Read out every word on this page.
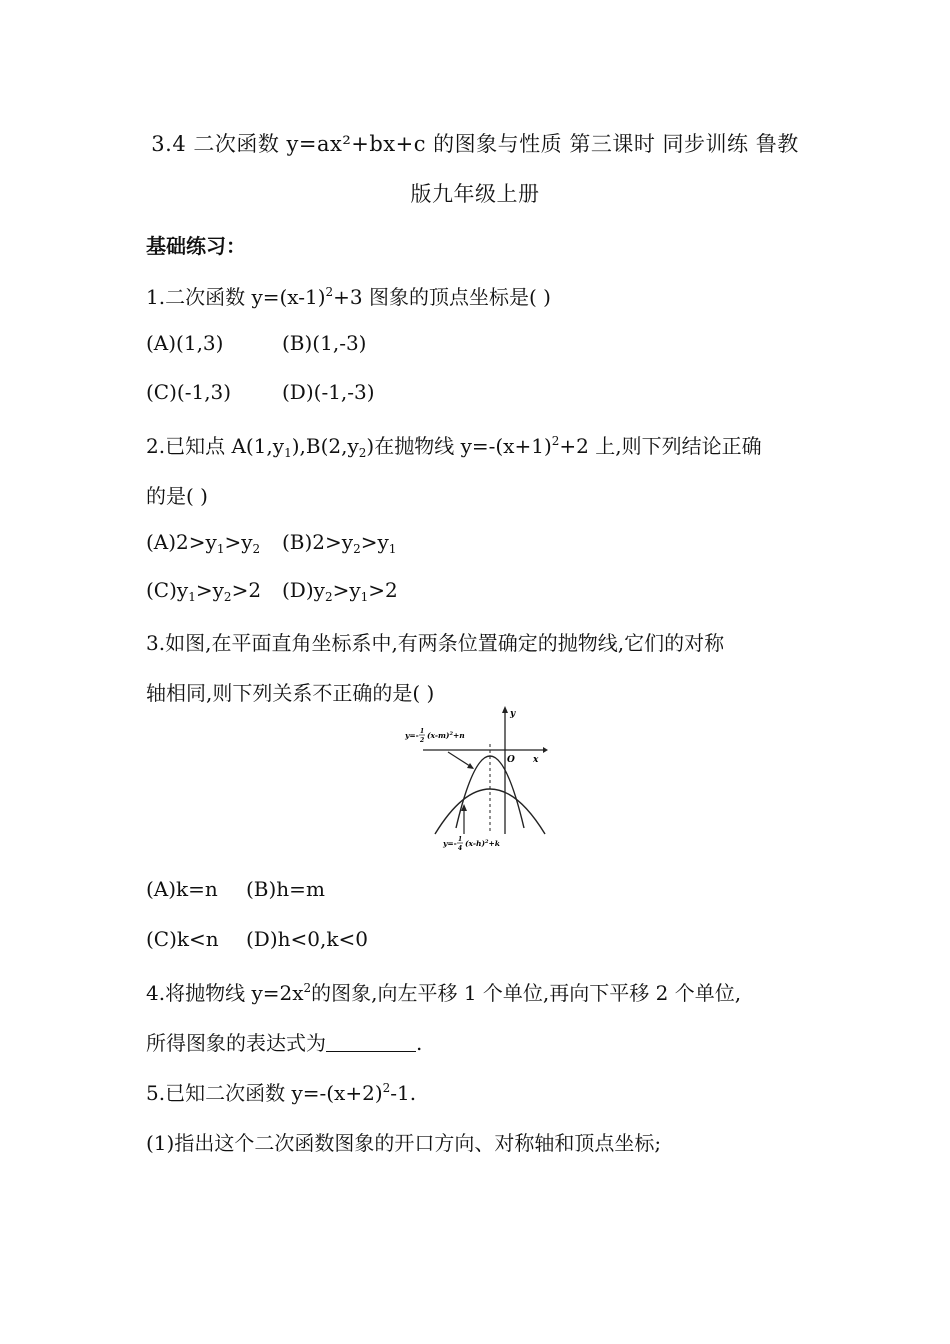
3.4 二次函数 y=ax²+bx+c 的图象与性质 第三课时 同步训练 鲁教
版九年级上册
基础练习：
1.二次函数 $y=(x-1)^2+3$ 图象的顶点坐标是( )
(A)(1,3)	(B)(1,-3)
(C)(-1,3)	(D)(-1,-3)
2.已知点 $A(1,y_1),B(2,y_2)$在抛物线 $y=-(x+1)^2+2$ 上,则下列结论正确
的是( )
$(A)2>y_1>y_2$ $(B)2>y_2>y_1$
$(C)y_1>y_2>2$ $(D)y_2>y_1>2$
3.如图,在平面直角坐标系中,有两条位置确定的抛物线,它们的对称
轴相同,则下列关系不正确的是( )
y
x
O
y=- 1
2
$(x-m)^2+n$
y=- 1
4
$(x-h)^2+k$
(A)k=n (B)h=m
(C)k<n (D)h<0,k<0
4.将抛物线 $y=2x^2$的图象,向左平移 1 个单位,再向下平移 2 个单位,
所得图象的表达式为	.
5.已知二次函数 $y=-(x+2)^2-1$.
(1)指出这个二次函数图象的开口方向、对称轴和顶点坐标;
